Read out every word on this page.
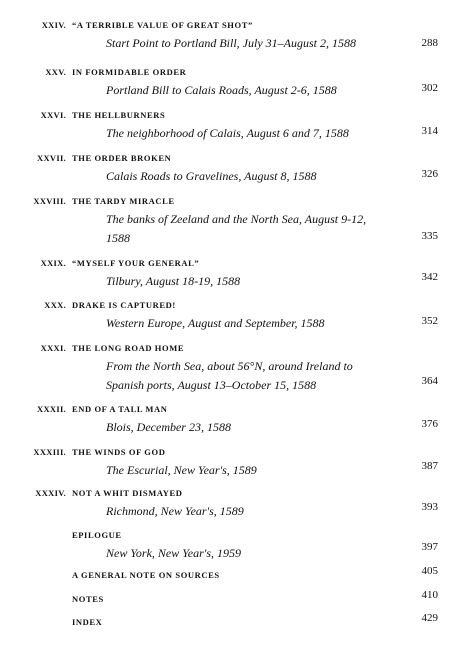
XXIV. “A TERRIBLE VALUE OF GREAT SHOT”
Start Point to Portland Bill, July 31–August 2, 1588	288
XXV. IN FORMIDABLE ORDER
Portland Bill to Calais Roads, August 2-6, 1588	302
XXVI. THE HELLBURNERS
The neighborhood of Calais, August 6 and 7, 1588	314
XXVII. THE ORDER BROKEN
Calais Roads to Gravelines, August 8, 1588	326
XXVIII. THE TARDY MIRACLE
The banks of Zeeland and the North Sea, August 9-12,
1588	335
XXIX. “MYSELF YOUR GENERAL”
Tilbury, August 18-19, 1588	342
XXX. DRAKE IS CAPTURED!
Western Europe, August and September, 1588	352
XXXI. THE LONG ROAD HOME
From the North Sea, about 56°N, around Ireland to
Spanish ports, August 13–October 15, 1588	364
XXXII. END OF A TALL MAN
Blois, December 23, 1588	376
XXXIII. THE WINDS OF GOD
The Escurial, New Year's, 1589	387
XXXIV. NOT A WHIT DISMAYED
Richmond, New Year's, 1589	393
EPILOGUE
New York, New Year's, 1959	397
A GENERAL NOTE ON SOURCES	405
NOTES	410
INDEX	429
